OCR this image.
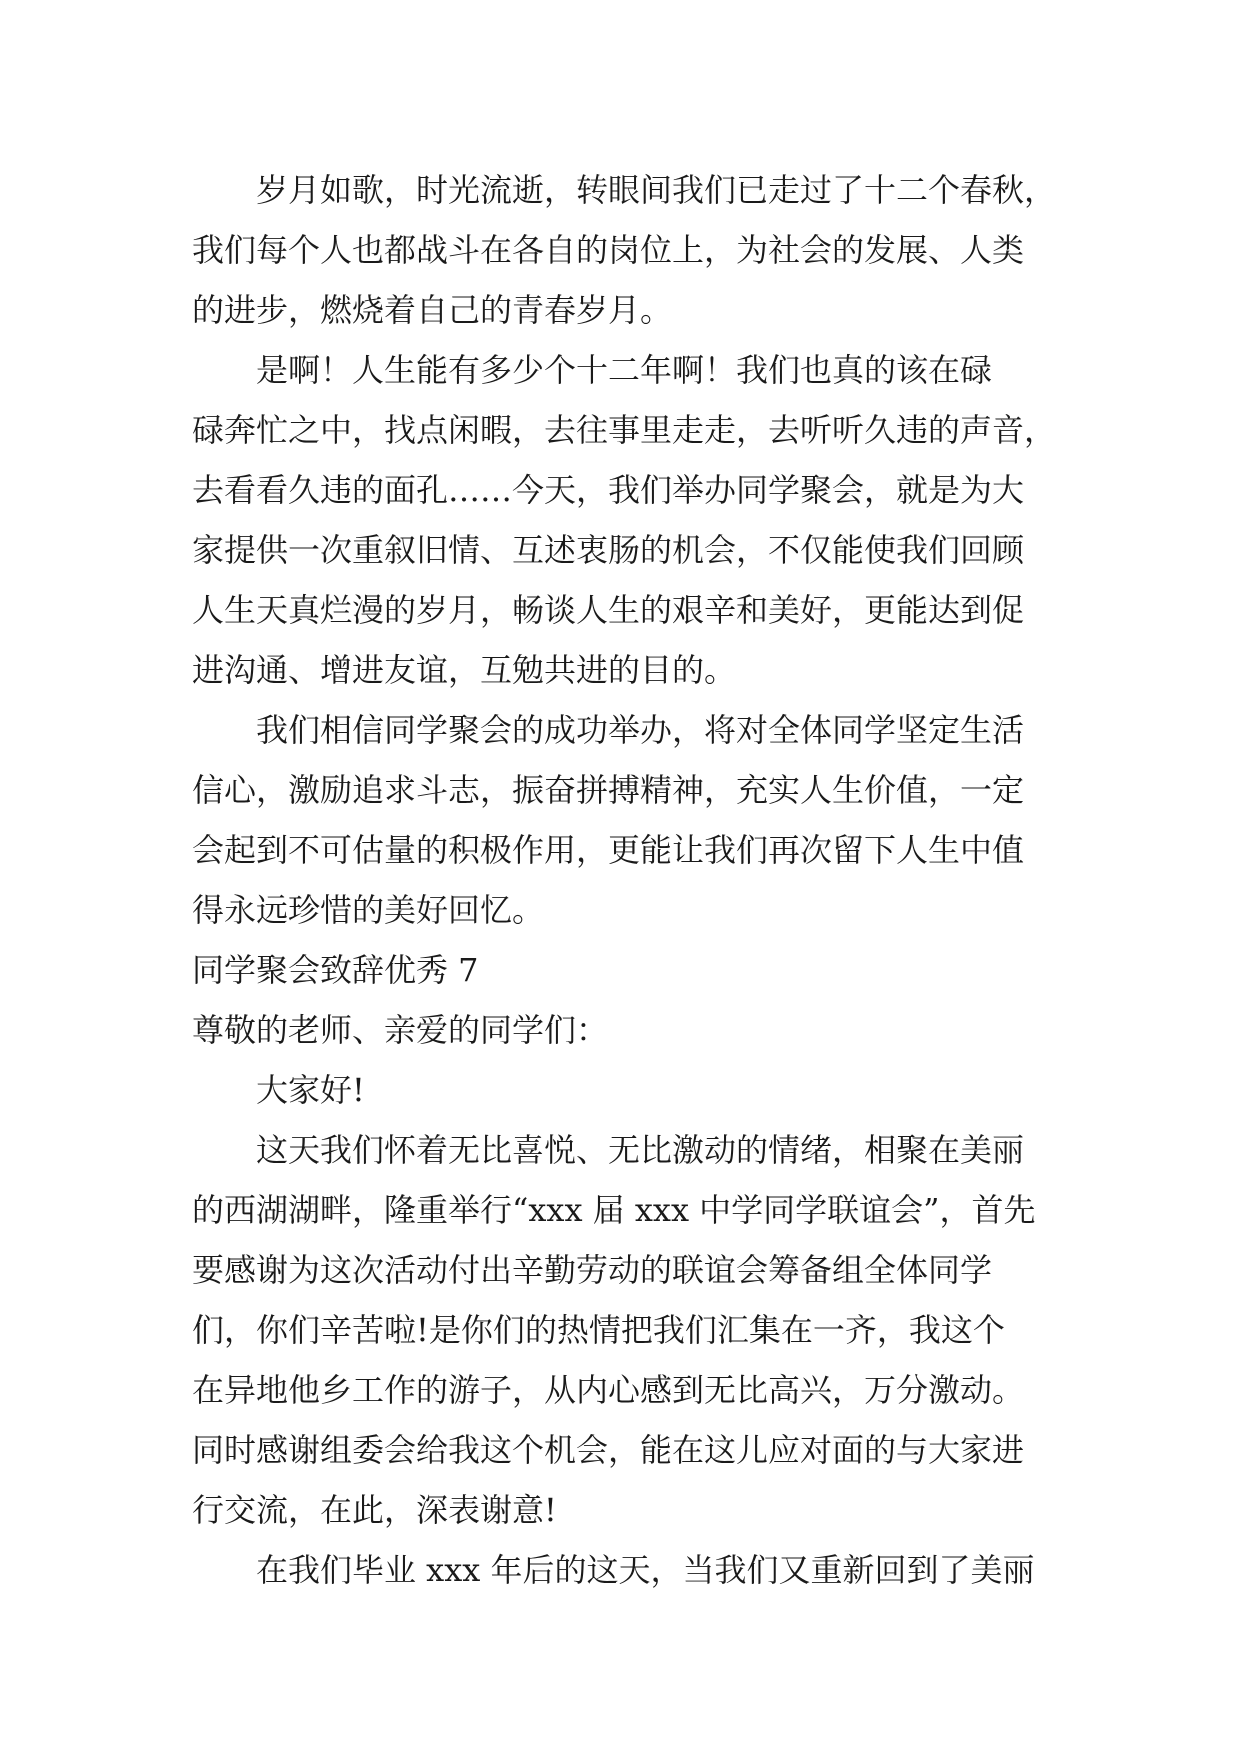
岁月如歌，时光流逝，转眼间我们已走过了十二个春秋，
我们每个人也都战斗在各自的岗位上，为社会的发展、人类
的进步，燃烧着自己的青春岁月。
是啊！人生能有多少个十二年啊！我们也真的该在碌
碌奔忙之中，找点闲暇，去往事里走走，去听听久违的声音，
去看看久违的面孔……今天，我们举办同学聚会，就是为大
家提供一次重叙旧情、互述衷肠的机会，不仅能使我们回顾
人生天真烂漫的岁月，畅谈人生的艰辛和美好，更能达到促
进沟通、增进友谊，互勉共进的目的。
我们相信同学聚会的成功举办，将对全体同学坚定生活
信心，激励追求斗志，振奋拼搏精神，充实人生价值，一定
会起到不可估量的积极作用，更能让我们再次留下人生中值
得永远珍惜的美好回忆。
同学聚会致辞优秀 7
尊敬的老师、亲爱的同学们：
大家好!
这天我们怀着无比喜悦、无比激动的情绪，相聚在美丽
的西湖湖畔，隆重举行“xxx 届 xxx 中学同学联谊会”，首先
要感谢为这次活动付出辛勤劳动的联谊会筹备组全体同学
们，你们辛苦啦!是你们的热情把我们汇集在一齐，我这个
在异地他乡工作的游子，从内心感到无比高兴，万分激动。
同时感谢组委会给我这个机会，能在这儿应对面的与大家进
行交流，在此，深表谢意!
在我们毕业 xxx 年后的这天，当我们又重新回到了美丽
